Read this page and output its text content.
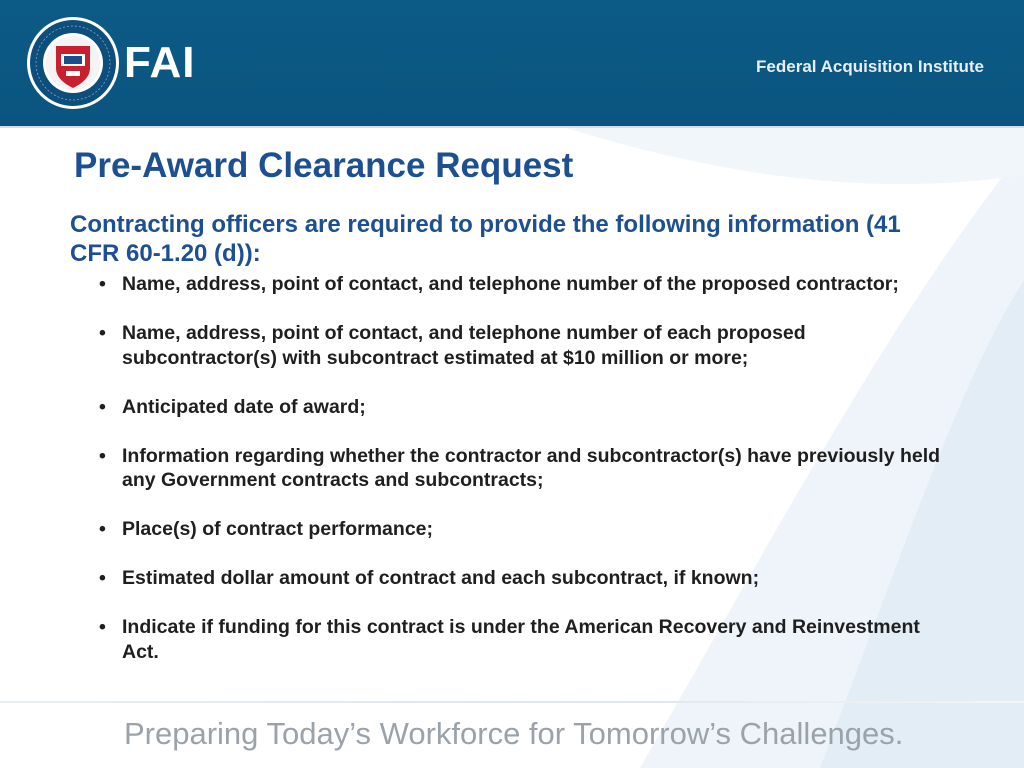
FAI	Federal Acquisition Institute
Pre-Award Clearance Request
Contracting officers are required to provide the following information (41 CFR 60-1.20 (d)):
• Name, address, point of contact, and telephone number of the proposed contractor;
• Name, address, point of contact, and telephone number of each proposed subcontractor(s) with subcontract estimated at $10 million or more;
• Anticipated date of award;
• Information regarding whether the contractor and subcontractor(s) have previously held any Government contracts and subcontracts;
• Place(s) of contract performance;
• Estimated dollar amount of contract and each subcontract, if known;
• Indicate if funding for this contract is under the American Recovery and Reinvestment Act.
Preparing Today’s Workforce for Tomorrow’s Challenges.
